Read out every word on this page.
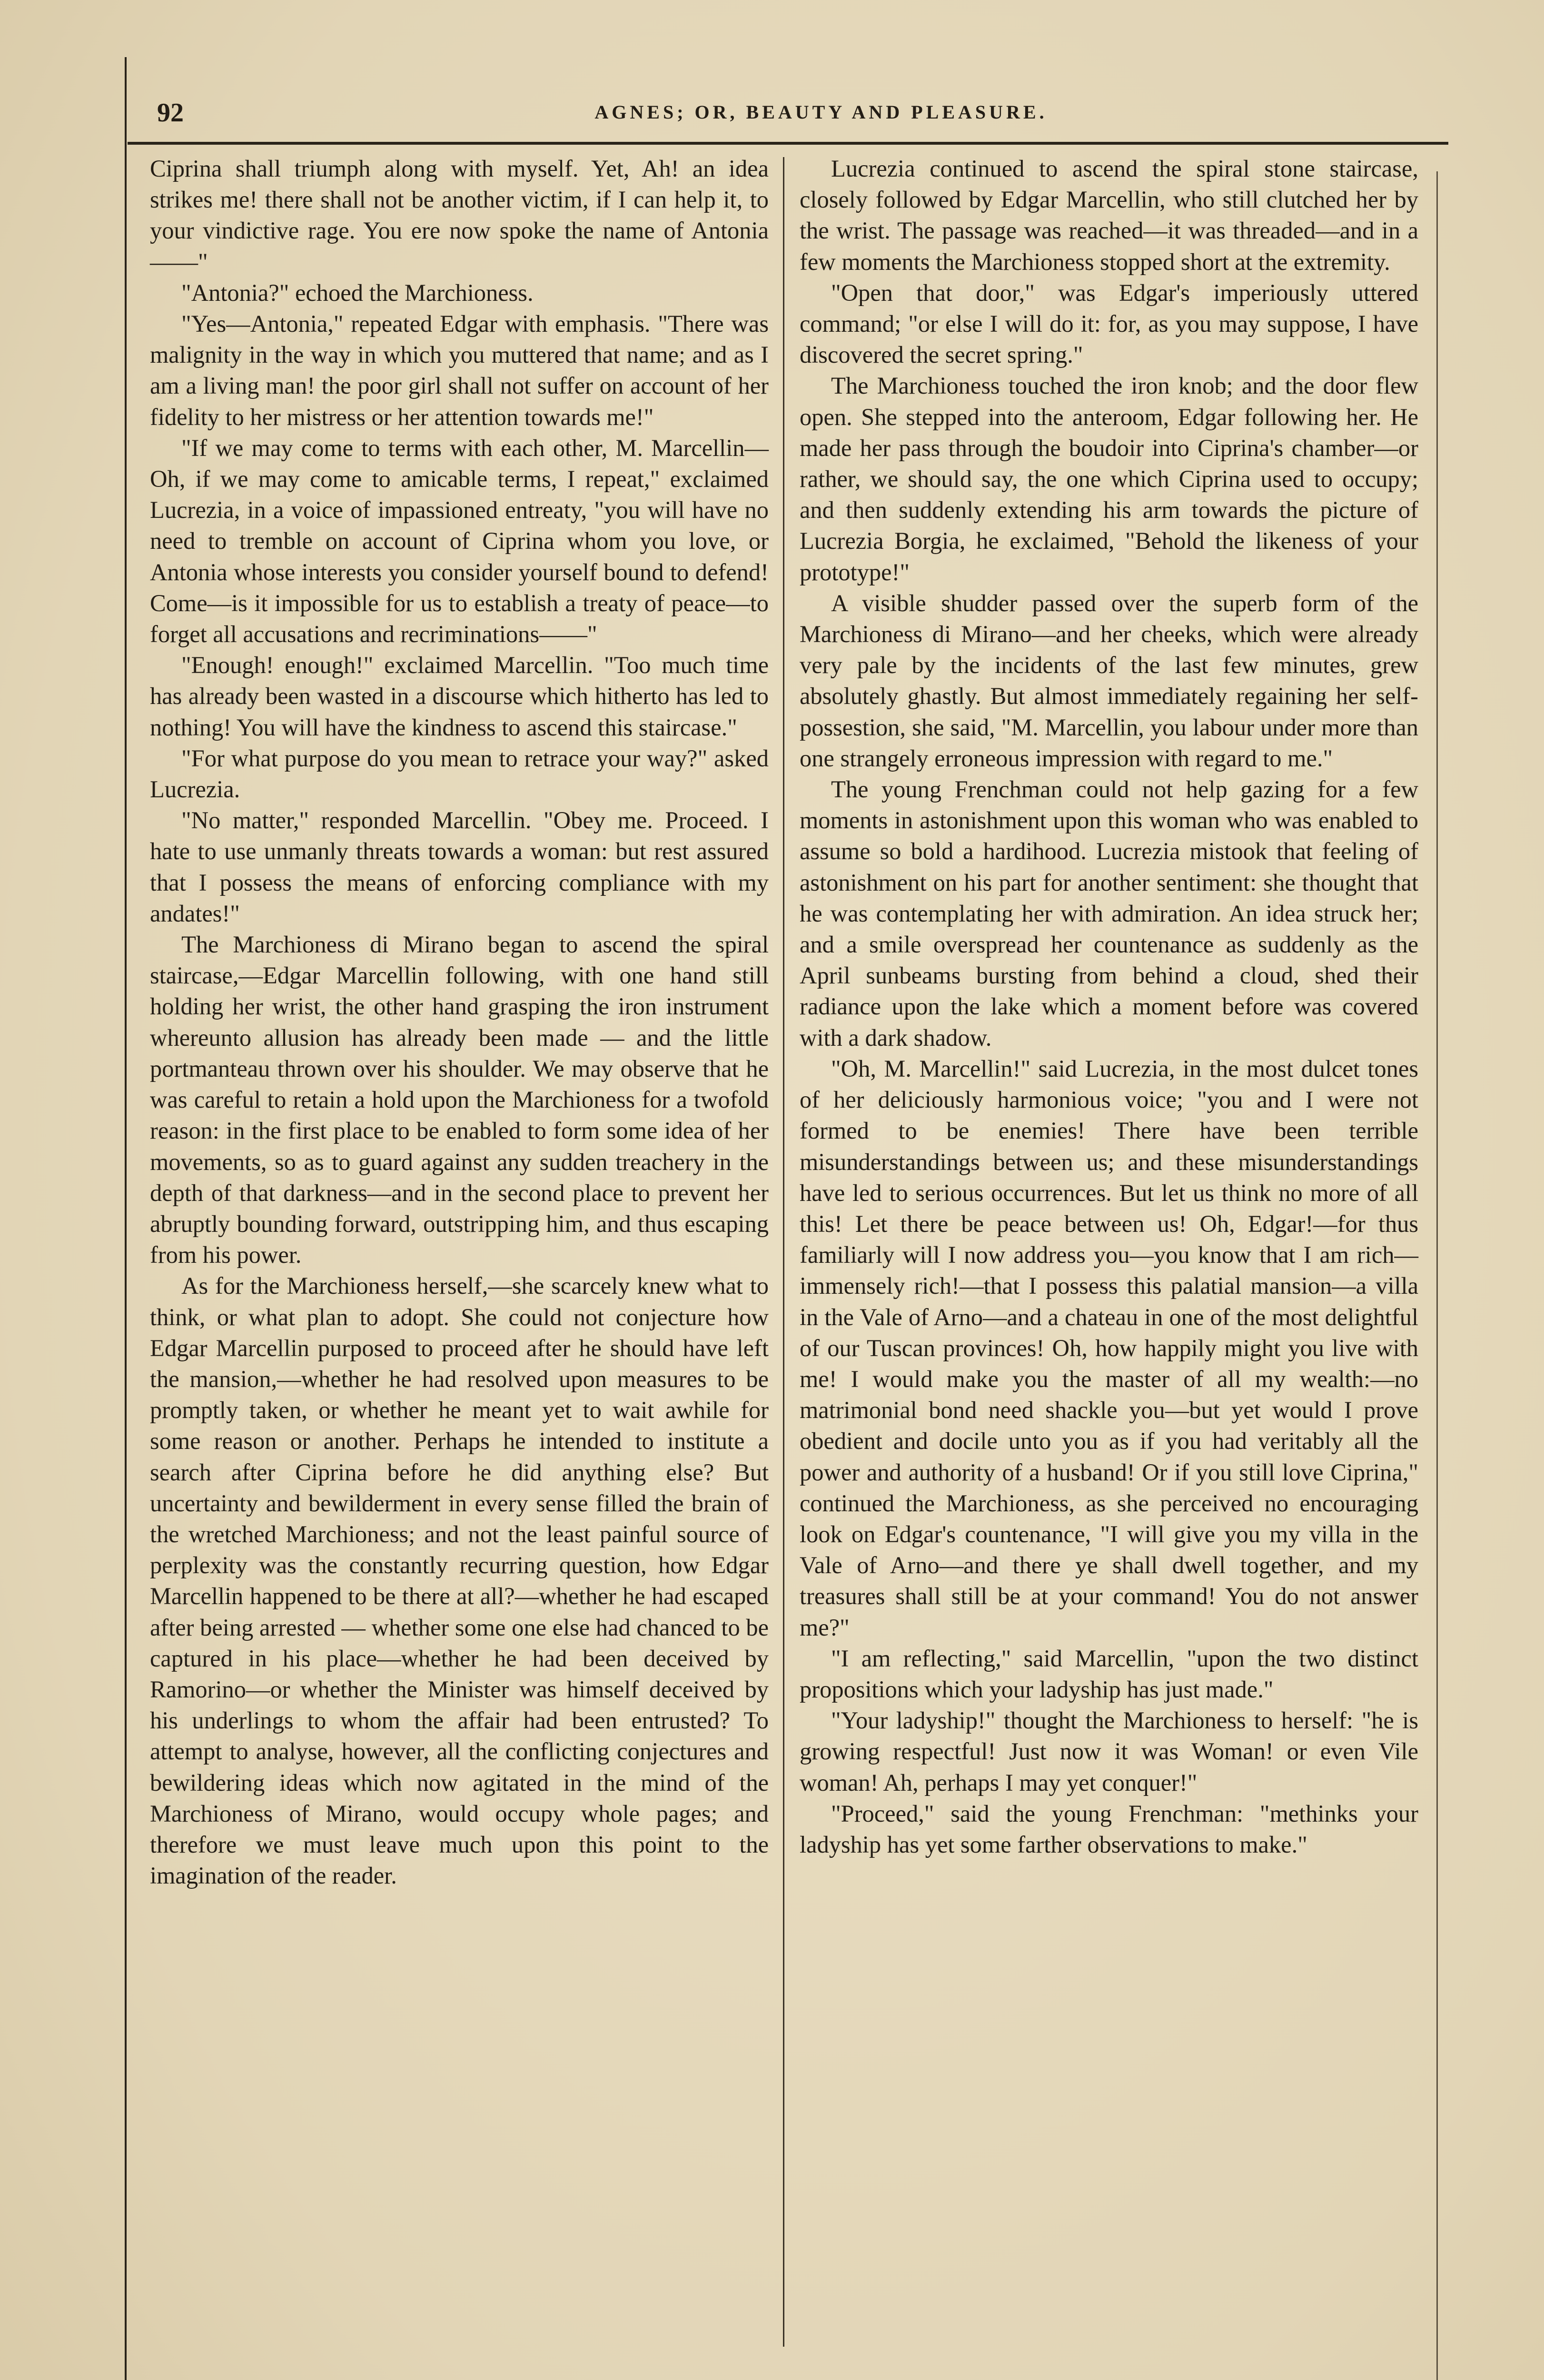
92	AGNES; OR, BEAUTY AND PLEASURE.

Ciprina shall triumph along with myself. Yet, Ah! an idea strikes me! there shall not be another victim, if I can help it, to your vindictive rage. You ere now spoke the name of Antonia——"

"Antonia?" echoed the Marchioness.

"Yes—Antonia," repeated Edgar with emphasis. "There was malignity in the way in which you muttered that name; and as I am a living man! the poor girl shall not suffer on account of her fidelity to her mistress or her attention towards me!"

"If we may come to terms with each other, M. Marcellin—Oh, if we may come to amicable terms, I repeat," exclaimed Lucrezia, in a voice of impassioned entreaty, "you will have no need to tremble on account of Ciprina whom you love, or Antonia whose interests you consider yourself bound to defend! Come—is it impossible for us to establish a treaty of peace—to forget all accusations and recriminations——"

"Enough! enough!" exclaimed Marcellin. "Too much time has already been wasted in a discourse which hitherto has led to nothing! You will have the kindness to ascend this staircase."

"For what purpose do you mean to retrace your way?" asked Lucrezia.

"No matter," responded Marcellin. "Obey me. Proceed. I hate to use unmanly threats towards a woman: but rest assured that I possess the means of enforcing compliance with my andates!"

The Marchioness di Mirano began to ascend the spiral staircase,—Edgar Marcellin following, with one hand still holding her wrist, the other hand grasping the iron instrument whereunto allusion has already been made — and the little portmanteau thrown over his shoulder. We may observe that he was careful to retain a hold upon the Marchioness for a twofold reason: in the first place to be enabled to form some idea of her movements, so as to guard against any sudden treachery in the depth of that darkness—and in the second place to prevent her abruptly bounding forward, outstripping him, and thus escaping from his power.

As for the Marchioness herself,—she scarcely knew what to think, or what plan to adopt. She could not conjecture how Edgar Marcellin purposed to proceed after he should have left the mansion,—whether he had resolved upon measures to be promptly taken, or whether he meant yet to wait awhile for some reason or another. Perhaps he intended to institute a search after Ciprina before he did anything else? But uncertainty and bewilderment in every sense filled the brain of the wretched Marchioness; and not the least painful source of perplexity was the constantly recurring question, how Edgar Marcellin happened to be there at all?—whether he had escaped after being arrested — whether some one else had chanced to be captured in his place—whether he had been deceived by Ramorino—or whether the Minister was himself deceived by his underlings to whom the affair had been entrusted? To attempt to analyse, however, all the conflicting conjectures and bewildering ideas which now agitated in the mind of the Marchioness of Mirano, would occupy whole pages; and therefore we must leave much upon this point to the imagination of the reader.

Lucrezia continued to ascend the spiral stone staircase, closely followed by Edgar Marcellin, who still clutched her by the wrist. The passage was reached—it was threaded—and in a few moments the Marchioness stopped short at the extremity.

"Open that door," was Edgar's imperiously uttered command; "or else I will do it: for, as you may suppose, I have discovered the secret spring."

The Marchioness touched the iron knob; and the door flew open. She stepped into the anteroom, Edgar following her. He made her pass through the boudoir into Ciprina's chamber—or rather, we should say, the one which Ciprina used to occupy; and then suddenly extending his arm towards the picture of Lucrezia Borgia, he exclaimed, "Behold the likeness of your prototype!"

A visible shudder passed over the superb form of the Marchioness di Mirano—and her cheeks, which were already very pale by the incidents of the last few minutes, grew absolutely ghastly. But almost immediately regaining her self-possestion, she said, "M. Marcellin, you labour under more than one strangely erroneous impression with regard to me."

The young Frenchman could not help gazing for a few moments in astonishment upon this woman who was enabled to assume so bold a hardihood. Lucrezia mistook that feeling of astonishment on his part for another sentiment: she thought that he was contemplating her with admiration. An idea struck her; and a smile overspread her countenance as suddenly as the April sunbeams bursting from behind a cloud, shed their radiance upon the lake which a moment before was covered with a dark shadow.

"Oh, M. Marcellin!" said Lucrezia, in the most dulcet tones of her deliciously harmonious voice; "you and I were not formed to be enemies! There have been terrible misunderstandings between us; and these misunderstandings have led to serious occurrences. But let us think no more of all this! Let there be peace between us! Oh, Edgar!—for thus familiarly will I now address you—you know that I am rich—immensely rich!—that I possess this palatial mansion—a villa in the Vale of Arno—and a chateau in one of the most delightful of our Tuscan provinces! Oh, how happily might you live with me! I would make you the master of all my wealth:—no matrimonial bond need shackle you—but yet would I prove obedient and docile unto you as if you had veritably all the power and authority of a husband! Or if you still love Ciprina," continued the Marchioness, as she perceived no encouraging look on Edgar's countenance, "I will give you my villa in the Vale of Arno—and there ye shall dwell together, and my treasures shall still be at your command! You do not answer me?"

"I am reflecting," said Marcellin, "upon the two distinct propositions which your ladyship has just made."

"Your ladyship!" thought the Marchioness to herself: "he is growing respectful! Just now it was Woman! or even Vile woman! Ah, perhaps I may yet conquer!"

"Proceed," said the young Frenchman: "methinks your ladyship has yet some farther observations to make."
